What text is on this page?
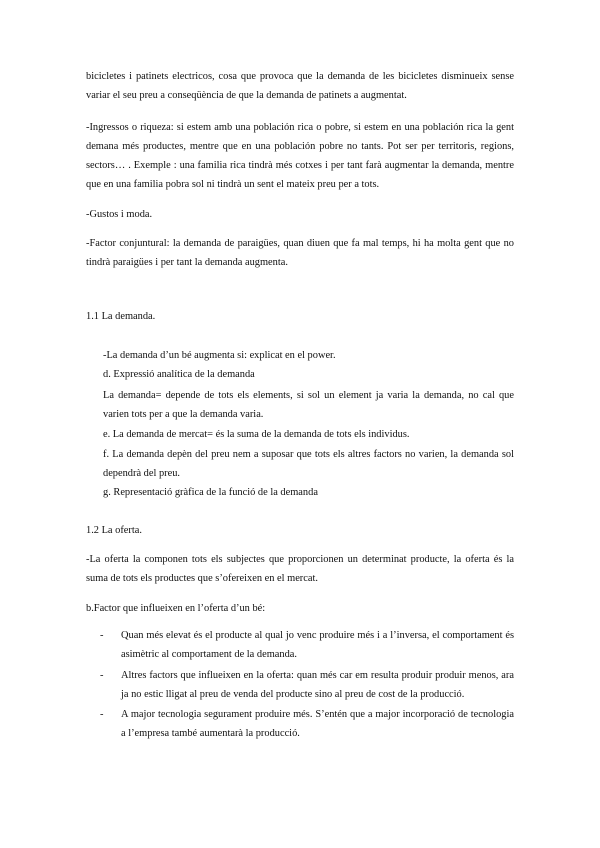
bicicletes i patinets electricos, cosa que provoca que la demanda de les bicicletes disminueix sense variar el seu preu a conseqüència de que la demanda de patinets a augmentat.

-Ingressos o riqueza: si estem amb una población rica o pobre, si estem en una población rica la gent demana més productes, mentre que en una población pobre no tants. Pot ser per territoris, regions, sectors… . Exemple : una familia rica tindrà més cotxes i per tant farà augmentar la demanda, mentre que en una familia pobra sol ni tindrà un sent el mateix preu per a tots.

-Gustos i moda.

-Factor conjuntural: la demanda de paraigües, quan diuen que fa mal temps, hi ha molta gent que no tindrà paraigües i per tant la demanda augmenta.

1.1 La demanda.

-La demanda d’un bé augmenta si: explicat en el power.

d. Expressió analítica de la demanda

La demanda= depende de tots els elements, si sol un element ja varia la demanda, no cal que varien tots per a que la demanda varia.

e. La demanda de mercat= és la suma de la demanda de tots els individus.

f. La demanda depèn del preu nem a suposar que tots els altres factors no varien, la demanda sol dependrà del preu.

g. Representació gràfica de la funció de la demanda

1.2 La oferta.

-La oferta la componen tots els subjectes que proporcionen un determinat producte, la oferta és la suma de tots els productes que s’ofereixen en el mercat.

b.Factor que influeixen en l’oferta d’un bé:

- Quan més elevat és el producte al qual jo venc produire més i a l’inversa, el comportament és asimètric al comportament de la demanda.
- Altres factors que influeixen en la oferta: quan més car em resulta produir produir menos, ara ja no estic lligat al preu de venda del producte sino al preu de cost de la producció.
- A major tecnologia segurament produire més. S’entén que a major incorporació de tecnologia a l’empresa també aumentarà la producció.
